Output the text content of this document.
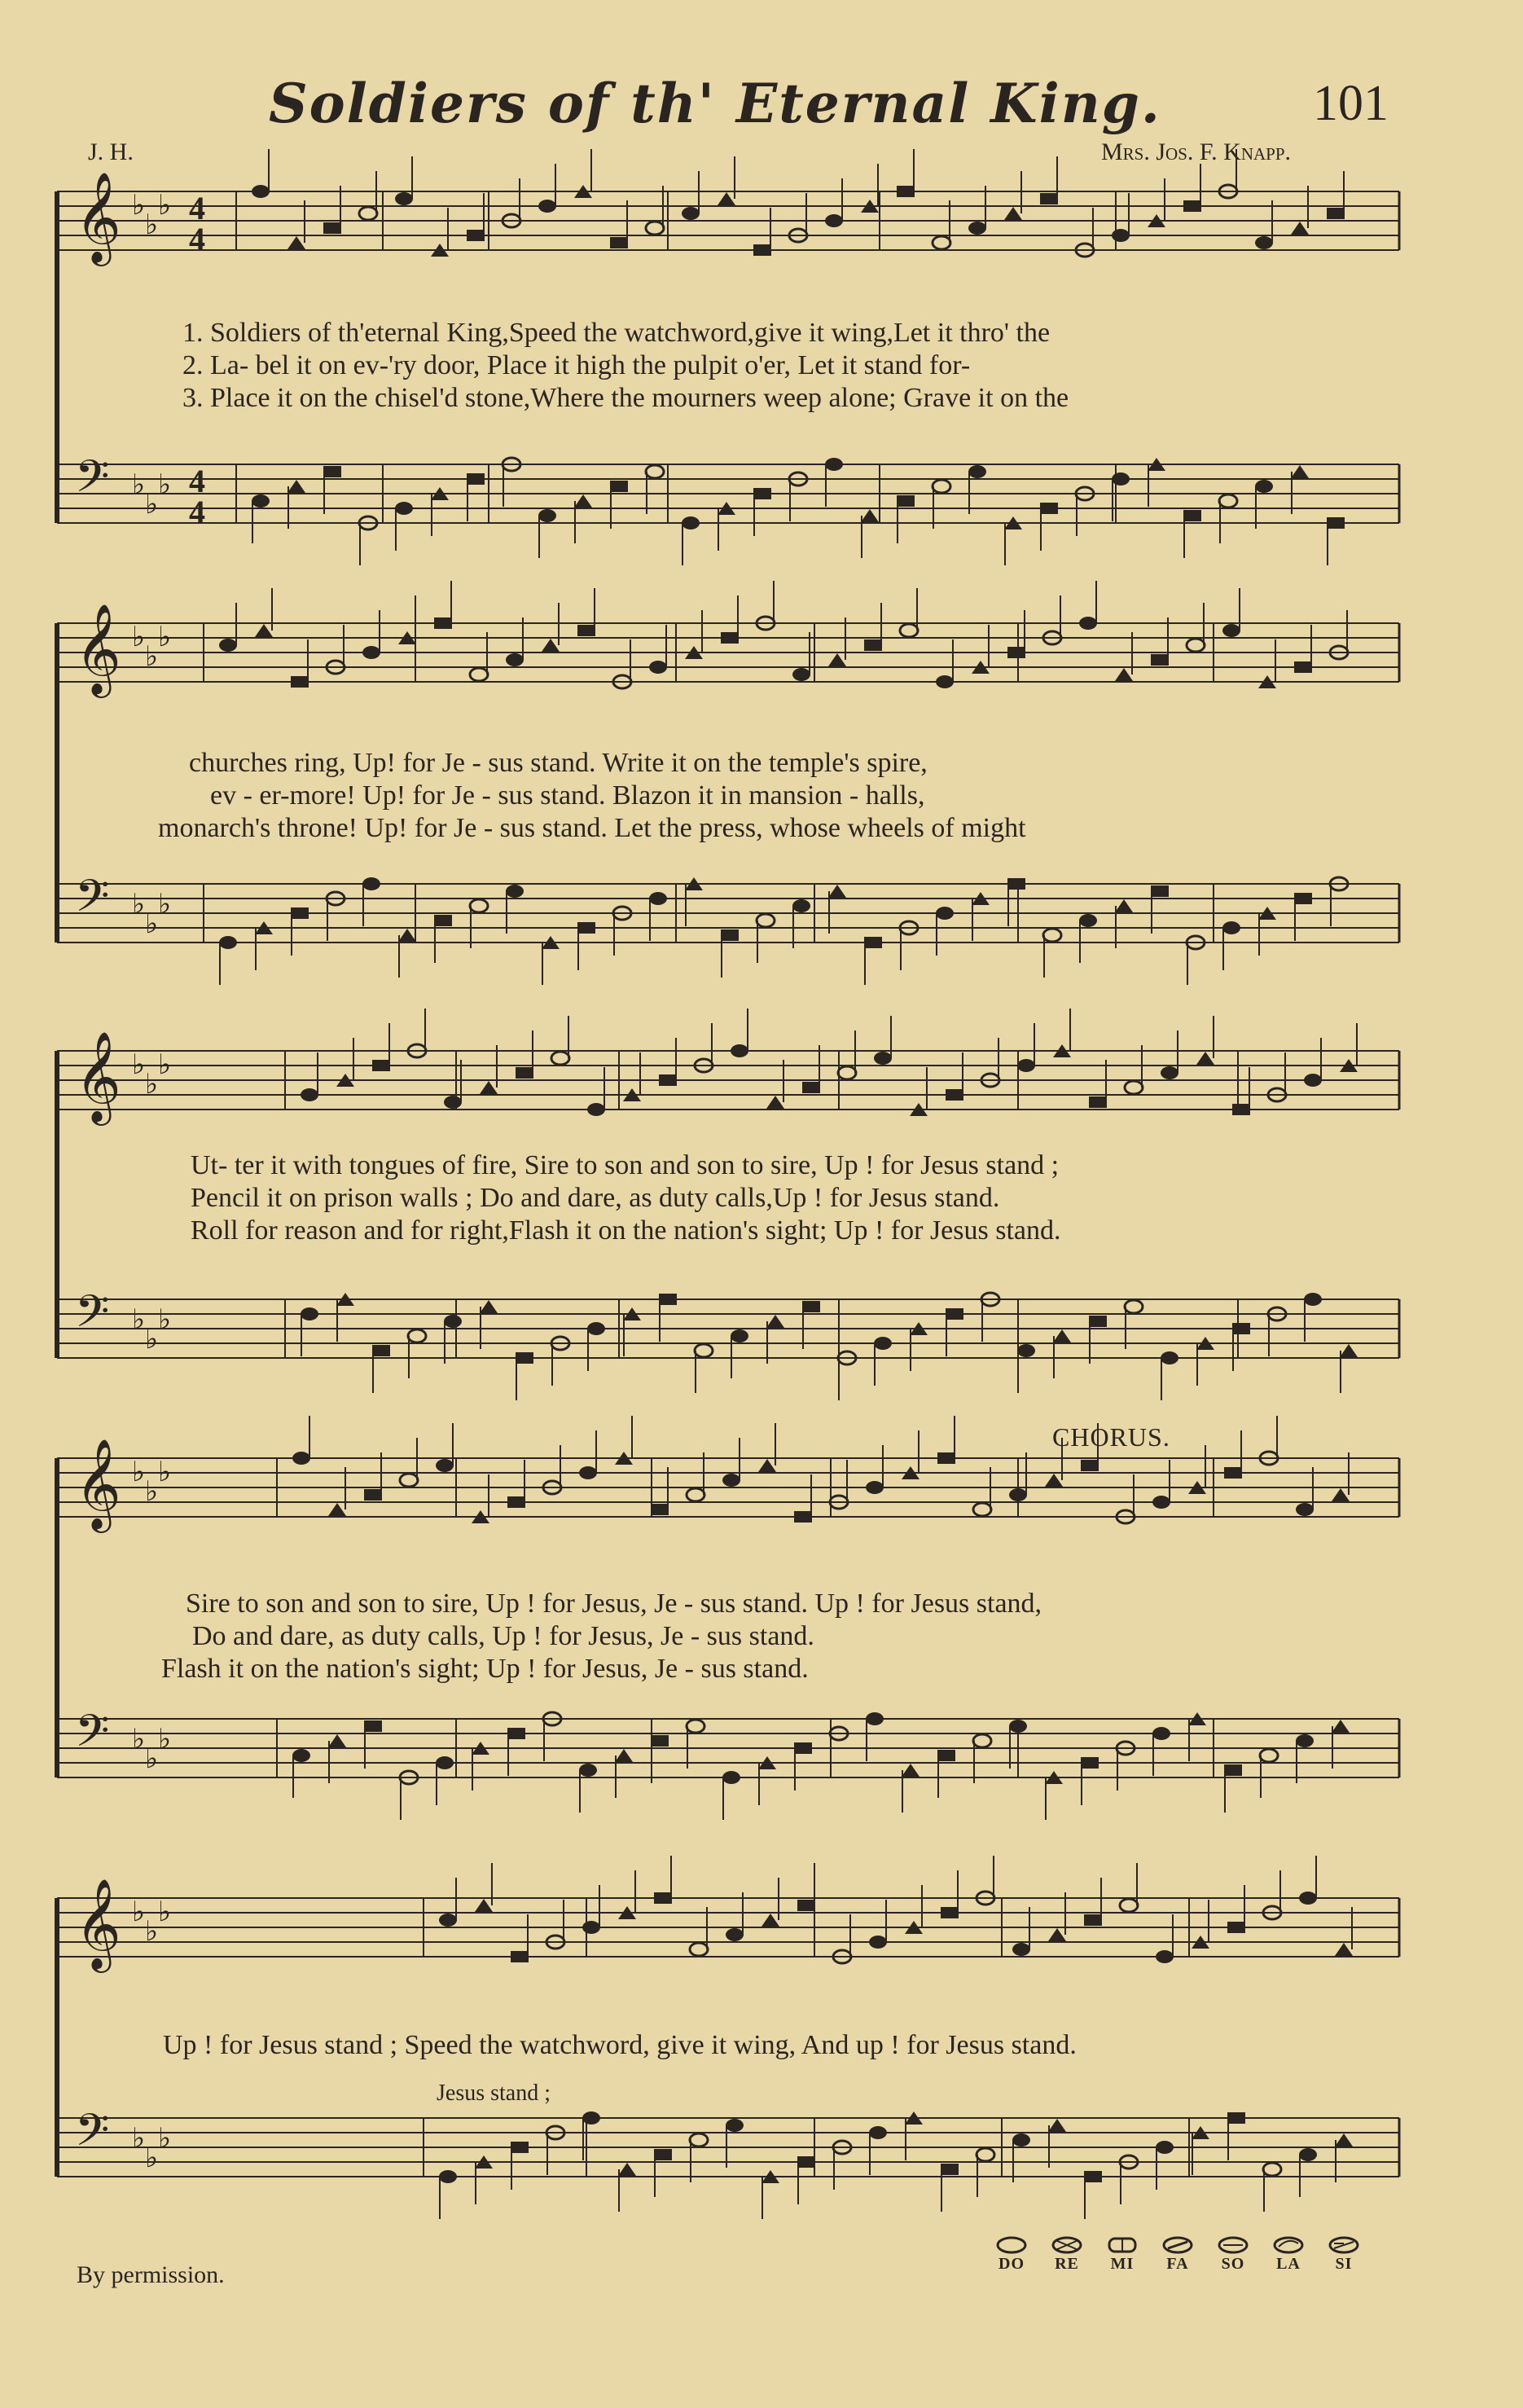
Soldiers of th' Eternal King.	101
J. H.	Mrs. Jos. F. Knapp.
𝄞 ♭
♭
♭
𝄢 ♭
♭
♭
𝄞 ♭
♭
♭
𝄢 ♭
♭
♭
𝄞 ♭
♭
♭
𝄢 ♭
♭
♭
𝄞 ♭
♭
♭
𝄢 ♭
♭
♭
𝄞 ♭
♭
♭
𝄢 ♭
♭
♭
4
4
4
4
1. Soldiers of th'eternal King,Speed the watchword,give it wing,Let it thro' the
2. La- bel it on ev-'ry door, Place it high the pulpit o'er, Let it stand for-
3. Place it on the chisel'd stone,Where the mourners weep alone; Grave it on the
churches ring, Up! for Je - sus stand. Write it on the temple's spire,
ev - er-more! Up! for Je - sus stand. Blazon it in mansion - halls,
monarch's throne! Up! for Je - sus stand. Let the press, whose wheels of might
Ut- ter it with tongues of fire, Sire to son and son to sire, Up ! for Jesus stand ;
Pencil it on prison walls ; Do and dare, as duty calls,Up ! for Jesus stand.
Roll for reason and for right,Flash it on the nation's sight; Up ! for Jesus stand.
CHORUS.
Sire to son and son to sire, Up ! for Jesus, Je - sus stand. Up ! for Jesus stand,
Do and dare, as duty calls, Up ! for Jesus, Je - sus stand.
Flash it on the nation's sight; Up ! for Jesus, Je - sus stand.
Up ! for Jesus stand ; Speed the watchword, give it wing, And up ! for Jesus stand.
Jesus stand ;
By permission.	DO	RE	MI	FA	SO	LA	SI
